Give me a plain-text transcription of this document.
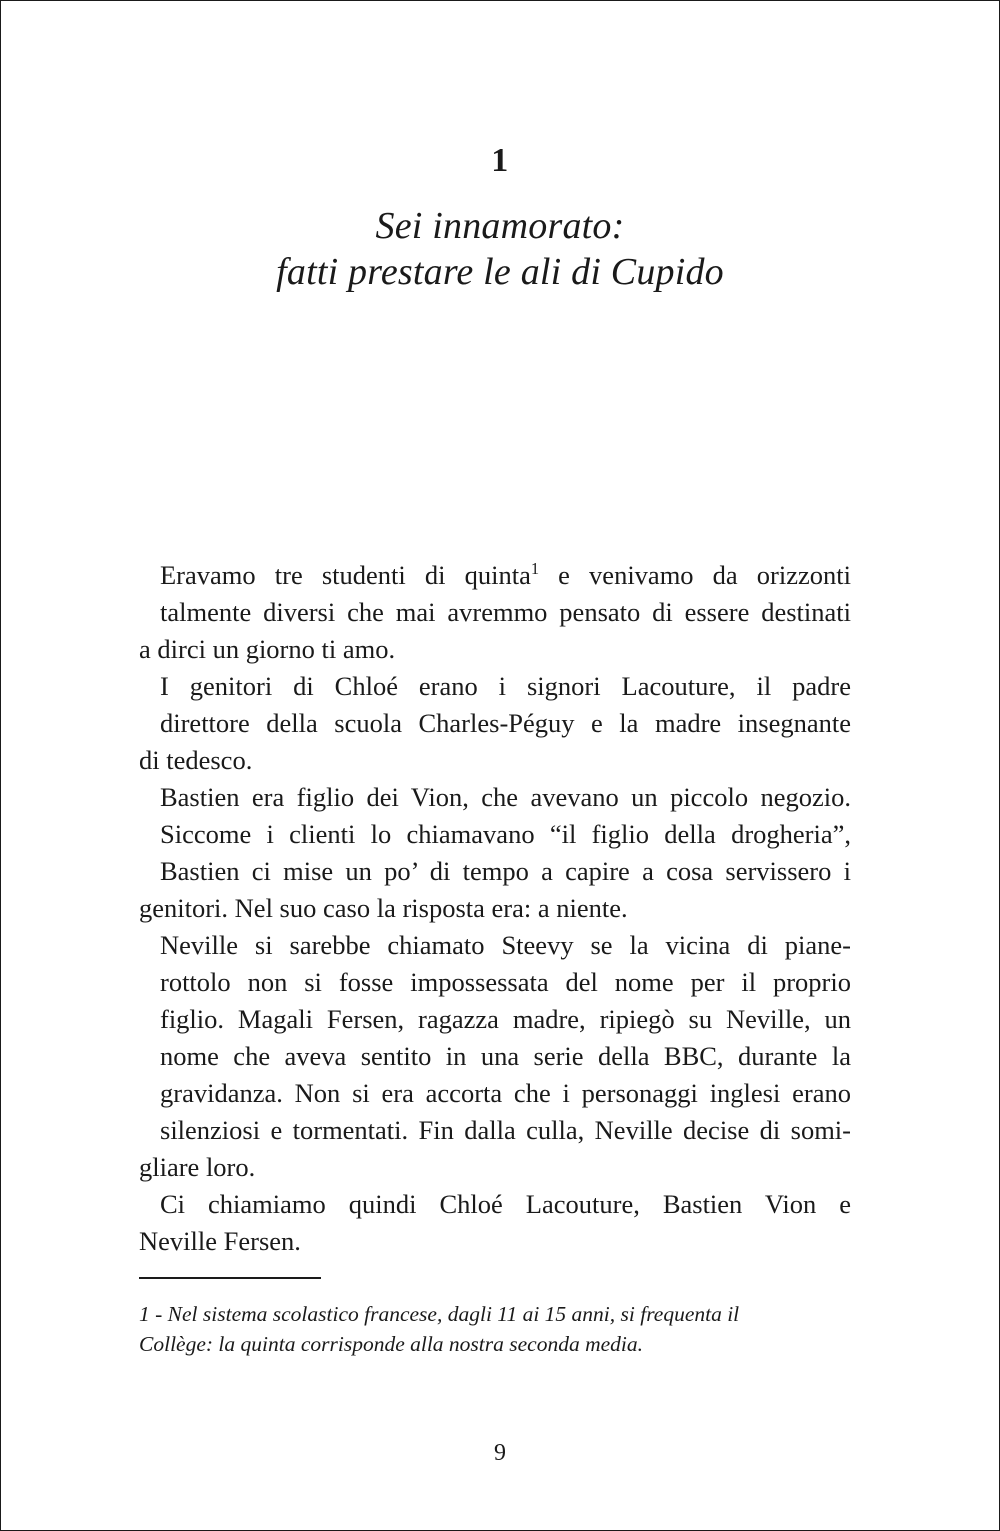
1
Sei innamorato:
fatti prestare le ali di Cupido

Eravamo tre studenti di quinta$^1$ e venivamo da orizzonti
talmente diversi che mai avremmo pensato di essere destinati
a dirci un giorno ti amo.

I genitori di Chloé erano i signori Lacouture, il padre
direttore della scuola Charles-Péguy e la madre insegnante
di tedesco.

Bastien era figlio dei Vion, che avevano un piccolo negozio.
Siccome i clienti lo chiamavano “il figlio della drogheria”,
Bastien ci mise un po’ di tempo a capire a cosa servissero i
genitori. Nel suo caso la risposta era: a niente.

Neville si sarebbe chiamato Steevy se la vicina di piane-
rottolo non si fosse impossessata del nome per il proprio
figlio. Magali Fersen, ragazza madre, ripiegò su Neville, un
nome che aveva sentito in una serie della BBC, durante la
gravidanza. Non si era accorta che i personaggi inglesi erano
silenziosi e tormentati. Fin dalla culla, Neville decise di somi-
gliare loro.

Ci chiamiamo quindi Chloé Lacouture, Bastien Vion e
Neville Fersen.

1 - Nel sistema scolastico francese, dagli 11 ai 15 anni, si frequenta il
Collège: la quinta corrisponde alla nostra seconda media.

9
